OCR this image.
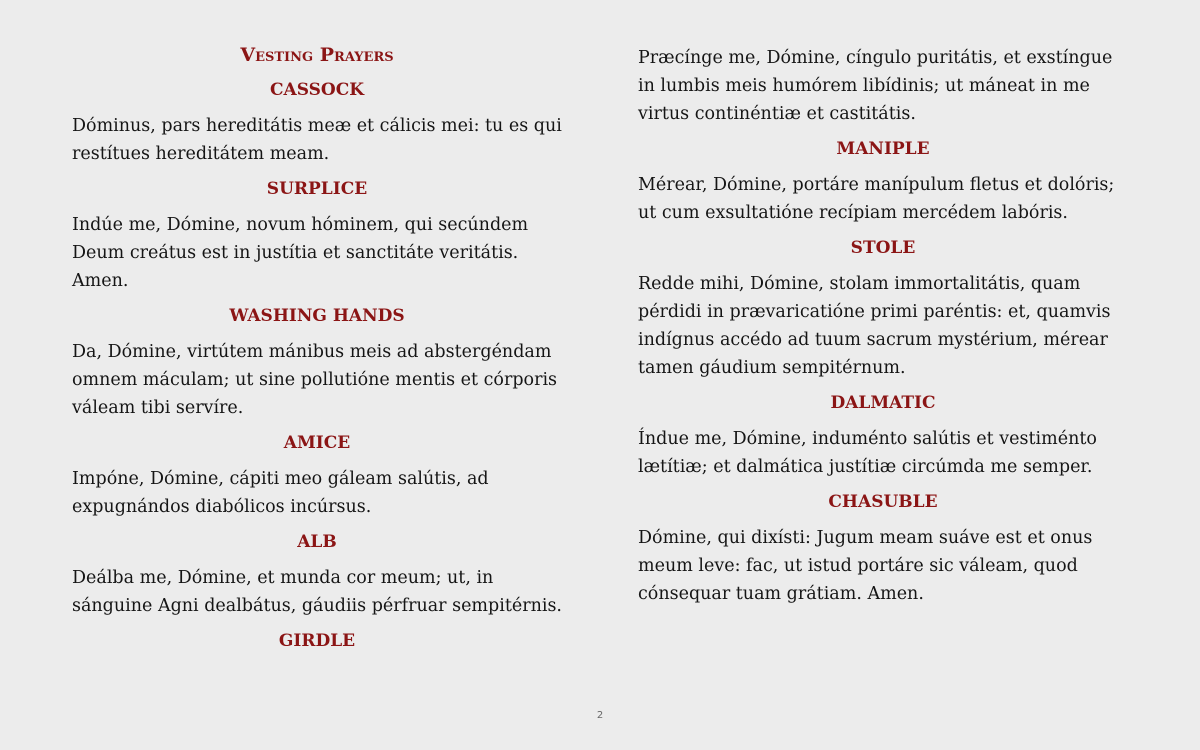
Vesting Prayers
CASSOCK
Dóminus, pars hereditátis meæ et cálicis mei: tu es qui restítues hereditátem meam.
SURPLICE
Indúe me, Dómine, novum hóminem, qui secúndem Deum creátus est in justítia et sanctitáte veritátis. Amen.
WASHING HANDS
Da, Dómine, virtútem mánibus meis ad abstergéndam omnem máculam; ut sine pollutióne mentis et córporis váleam tibi servíre.
AMICE
Impóne, Dómine, cápiti meo gáleam salútis, ad expugnándos diabólicos incúrsus.
ALB
Deálba me, Dómine, et munda cor meum; ut, in sánguine Agni dealbátus, gáudiis pérfruar sempitérnis.
GIRDLE
Præcínge me, Dómine, cíngulo puritátis, et exstíngue in lumbis meis humórem libídinis; ut máneat in me virtus continéntiæ et castitátis.
MANIPLE
Mérear, Dómine, portáre manípulum fletus et dolóris; ut cum exsultatióne recípiam mercédem labóris.
STOLE
Redde mihi, Dómine, stolam immortalitátis, quam pérdidi in prævaricatióne primi paréntis: et, quamvis indígnus accédo ad tuum sacrum mystérium, mérear tamen gáudium sempitérnum.
DALMATIC
Índue me, Dómine, induménto salútis et vestiménto lætítiæ; et dalmática justítiæ circúmda me semper.
CHASUBLE
Dómine, qui dixísti: Jugum meam suáve est et onus meum leve: fac, ut istud portáre sic váleam, quod cónsequar tuam grátiam. Amen.
2
